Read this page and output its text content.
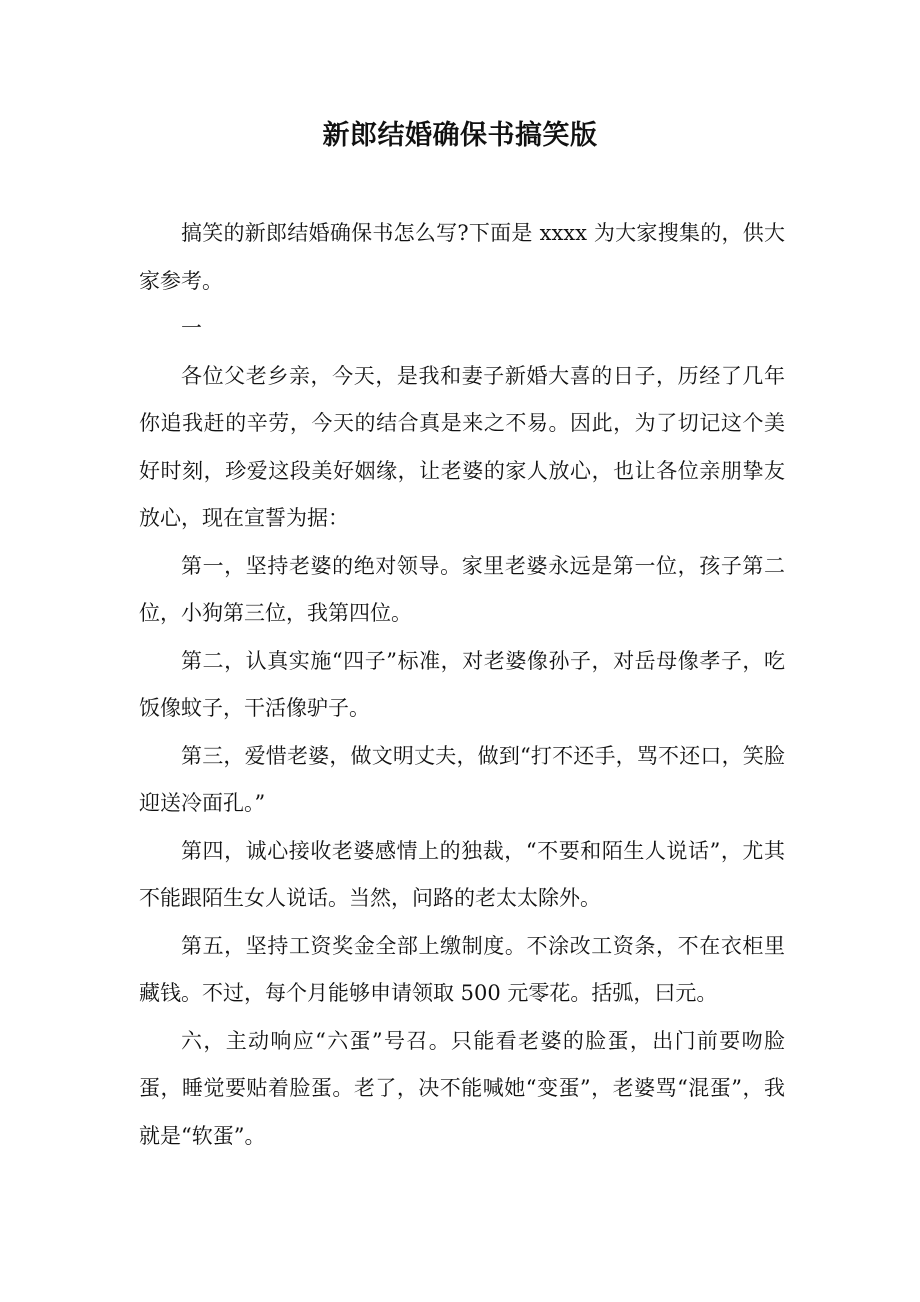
新郎结婚确保书搞笑版

搞笑的新郎结婚确保书怎么写?下面是 xxxx 为大家搜集的，供大家参考。

一

各位父老乡亲，今天，是我和妻子新婚大喜的日子，历经了几年你追我赶的辛劳，今天的结合真是来之不易。因此，为了切记这个美好时刻，珍爱这段美好姻缘，让老婆的家人放心，也让各位亲朋挚友放心，现在宣誓为据：

第一，坚持老婆的绝对领导。家里老婆永远是第一位，孩子第二位，小狗第三位，我第四位。

第二，认真实施“四子”标准，对老婆像孙子，对岳母像孝子，吃饭像蚊子，干活像驴子。

第三，爱惜老婆，做文明丈夫，做到“打不还手，骂不还口，笑脸迎送冷面孔。”

第四，诚心接收老婆感情上的独裁，“不要和陌生人说话”，尤其不能跟陌生女人说话。当然，问路的老太太除外。

第五，坚持工资奖金全部上缴制度。不涂改工资条，不在衣柜里藏钱。不过，每个月能够申请领取 500 元零花。括弧，曰元。

六，主动响应“六蛋”号召。只能看老婆的脸蛋，出门前要吻脸蛋，睡觉要贴着脸蛋。老了，决不能喊她“变蛋”，老婆骂“混蛋”，我就是“软蛋”。
